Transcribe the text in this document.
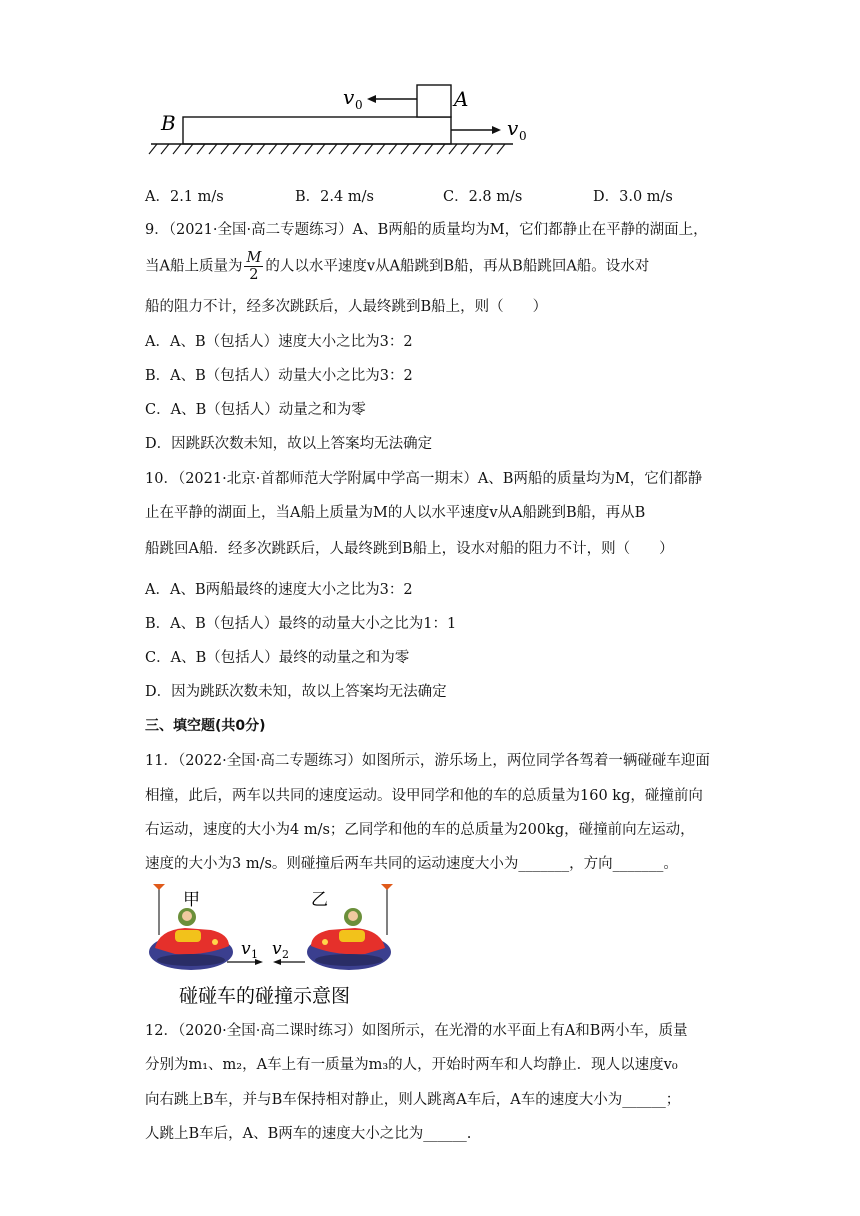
B
A
v 0
v 0
A．2.1 m/s	B．2.4 m/s	C．2.8 m/s	D．3.0 m/s
9．（2021·全国·高二专题练习）A、B两船的质量均为M，它们都静止在平静的湖面上，
当A船上质量为 $\frac{M}{2}$ 的人以水平速度v从A船跳到B船，再从B船跳回A船。设水对
船的阻力不计，经多次跳跃后，人最终跳到B船上，则（　　）
A．A、B（包括人）速度大小之比为3：2
B．A、B（包括人）动量大小之比为3：2
C．A、B（包括人）动量之和为零
D．因跳跃次数未知，故以上答案均无法确定
10．（2021·北京·首都师范大学附属中学高一期末）A、B两船的质量均为M，它们都静
止在平静的湖面上，当A船上质量为M的人以水平速度v从A船跳到B船，再从B
船跳回A船．经多次跳跃后，人最终跳到B船上，设水对船的阻力不计，则（　　）
A．A、B两船最终的速度大小之比为3：2
B．A、B（包括人）最终的动量大小之比为1：1
C．A、B（包括人）最终的动量之和为零
D．因为跳跃次数未知，故以上答案均无法确定
三、填空题(共0分)
11．（2022·全国·高二专题练习）如图所示，游乐场上，两位同学各驾着一辆碰碰车迎面
相撞，此后，两车以共同的速度运动。设甲同学和他的车的总质量为160 kg，碰撞前向
右运动，速度的大小为4 m/s；乙同学和他的车的总质量为200kg，碰撞前向左运动，
速度的大小为3 m/s。则碰撞后两车共同的运动速度大小为_______，方向_______。
甲
v 1 v 2
乙
碰碰车的碰撞示意图
12．（2020·全国·高二课时练习）如图所示，在光滑的水平面上有A和B两小车，质量
分别为m₁、m₂，A车上有一质量为m₃的人，开始时两车和人均静止．现人以速度v₀
向右跳上B车，并与B车保持相对静止，则人跳离A车后，A车的速度大小为______；
人跳上B车后，A、B两车的速度大小之比为______.
